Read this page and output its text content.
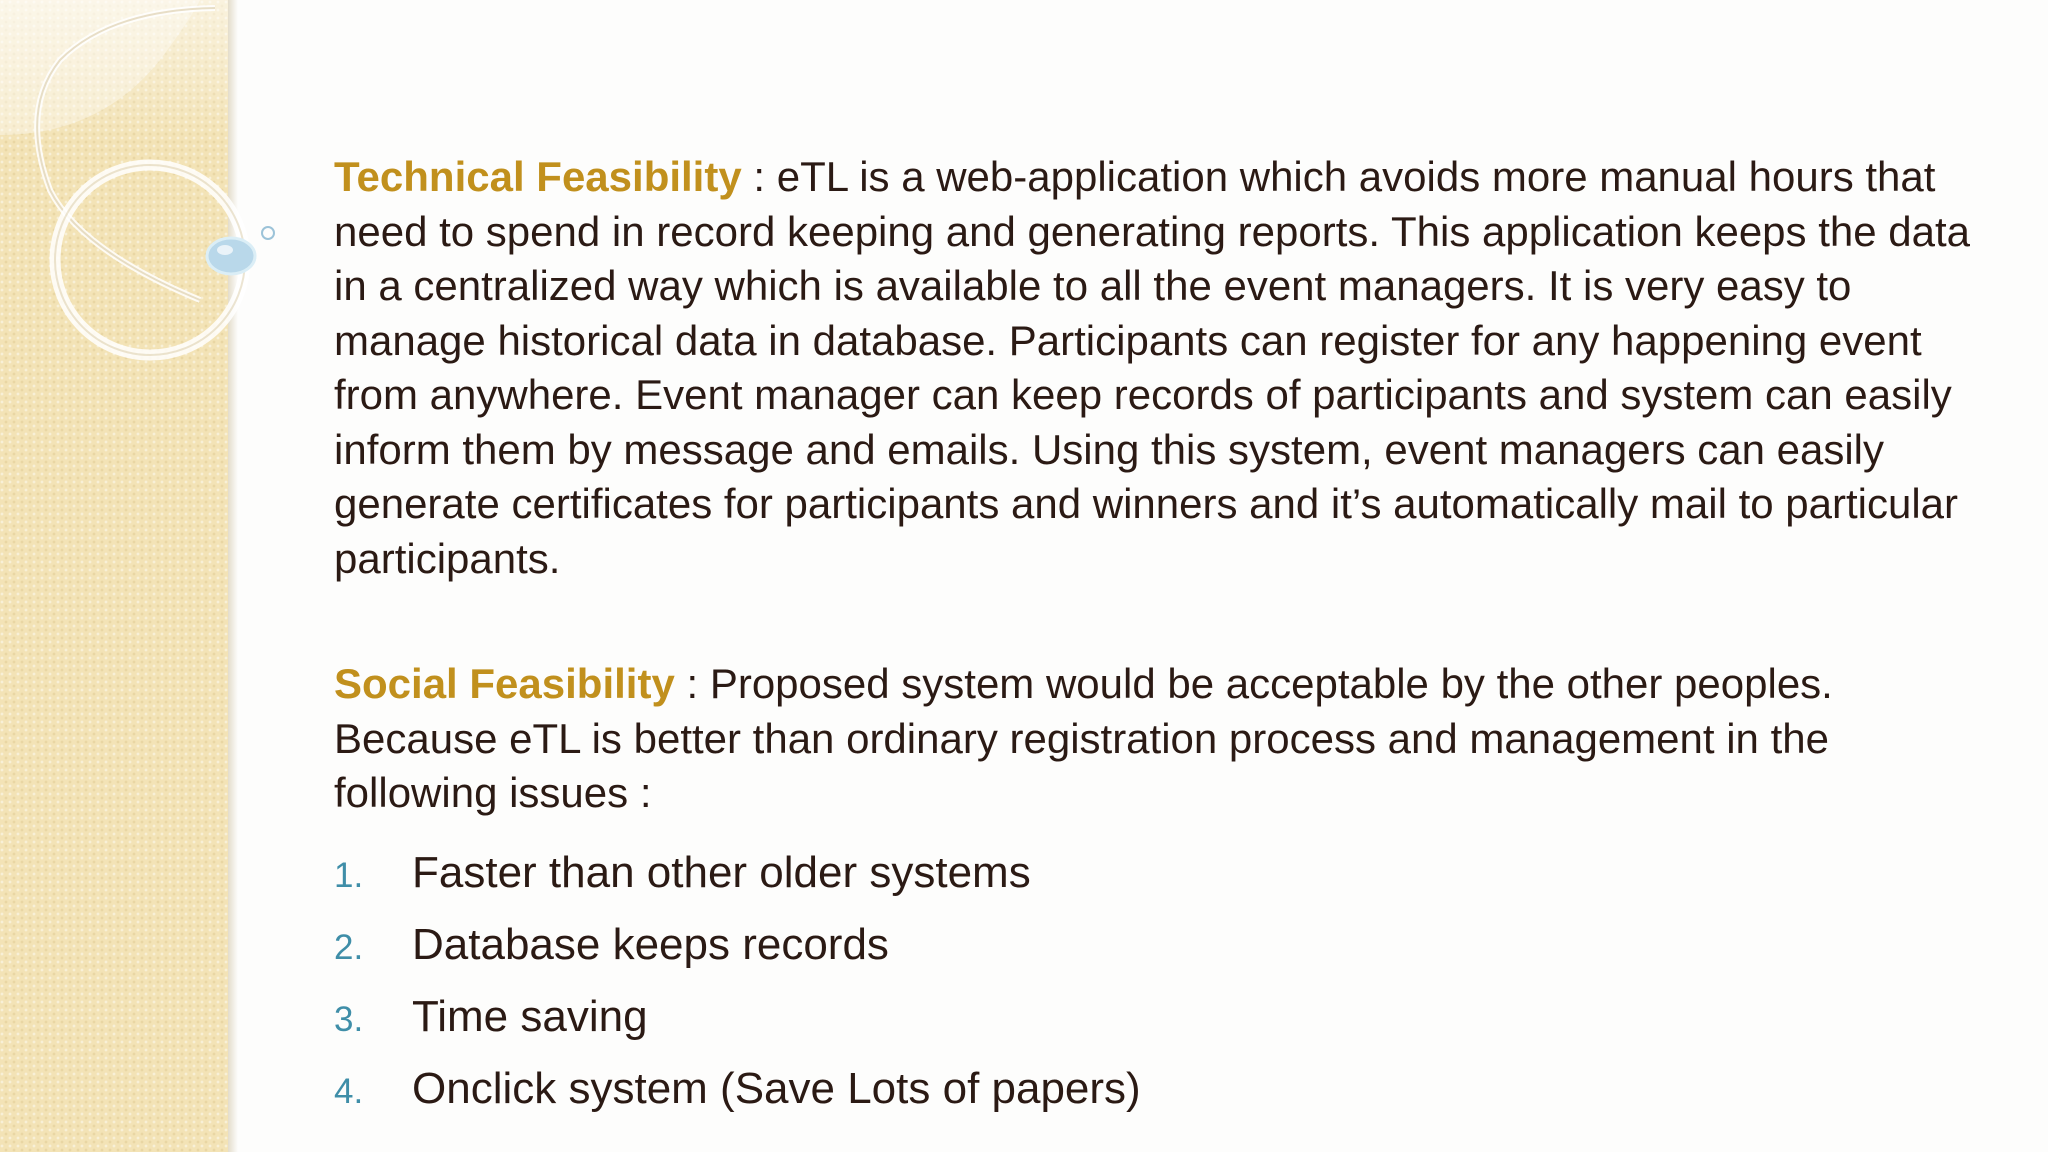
Technical Feasibility : eTL is a web-application which avoids more manual hours that need to spend in record keeping and generating reports. This application keeps the data in a centralized way which is available to all the event managers. It is very easy to manage historical data in database. Participants can register for any happening event from anywhere. Event manager can keep records of participants and system can easily inform them by message and emails. Using this system, event managers can easily generate certificates for participants and winners and it’s automatically mail to particular participants.

Social Feasibility : Proposed system would be acceptable by the other peoples. Because eTL is better than ordinary registration process and management in the following issues :

1.	Faster than other older systems
2.	Database keeps records
3.	Time saving
4.	Onclick system (Save Lots of papers)
